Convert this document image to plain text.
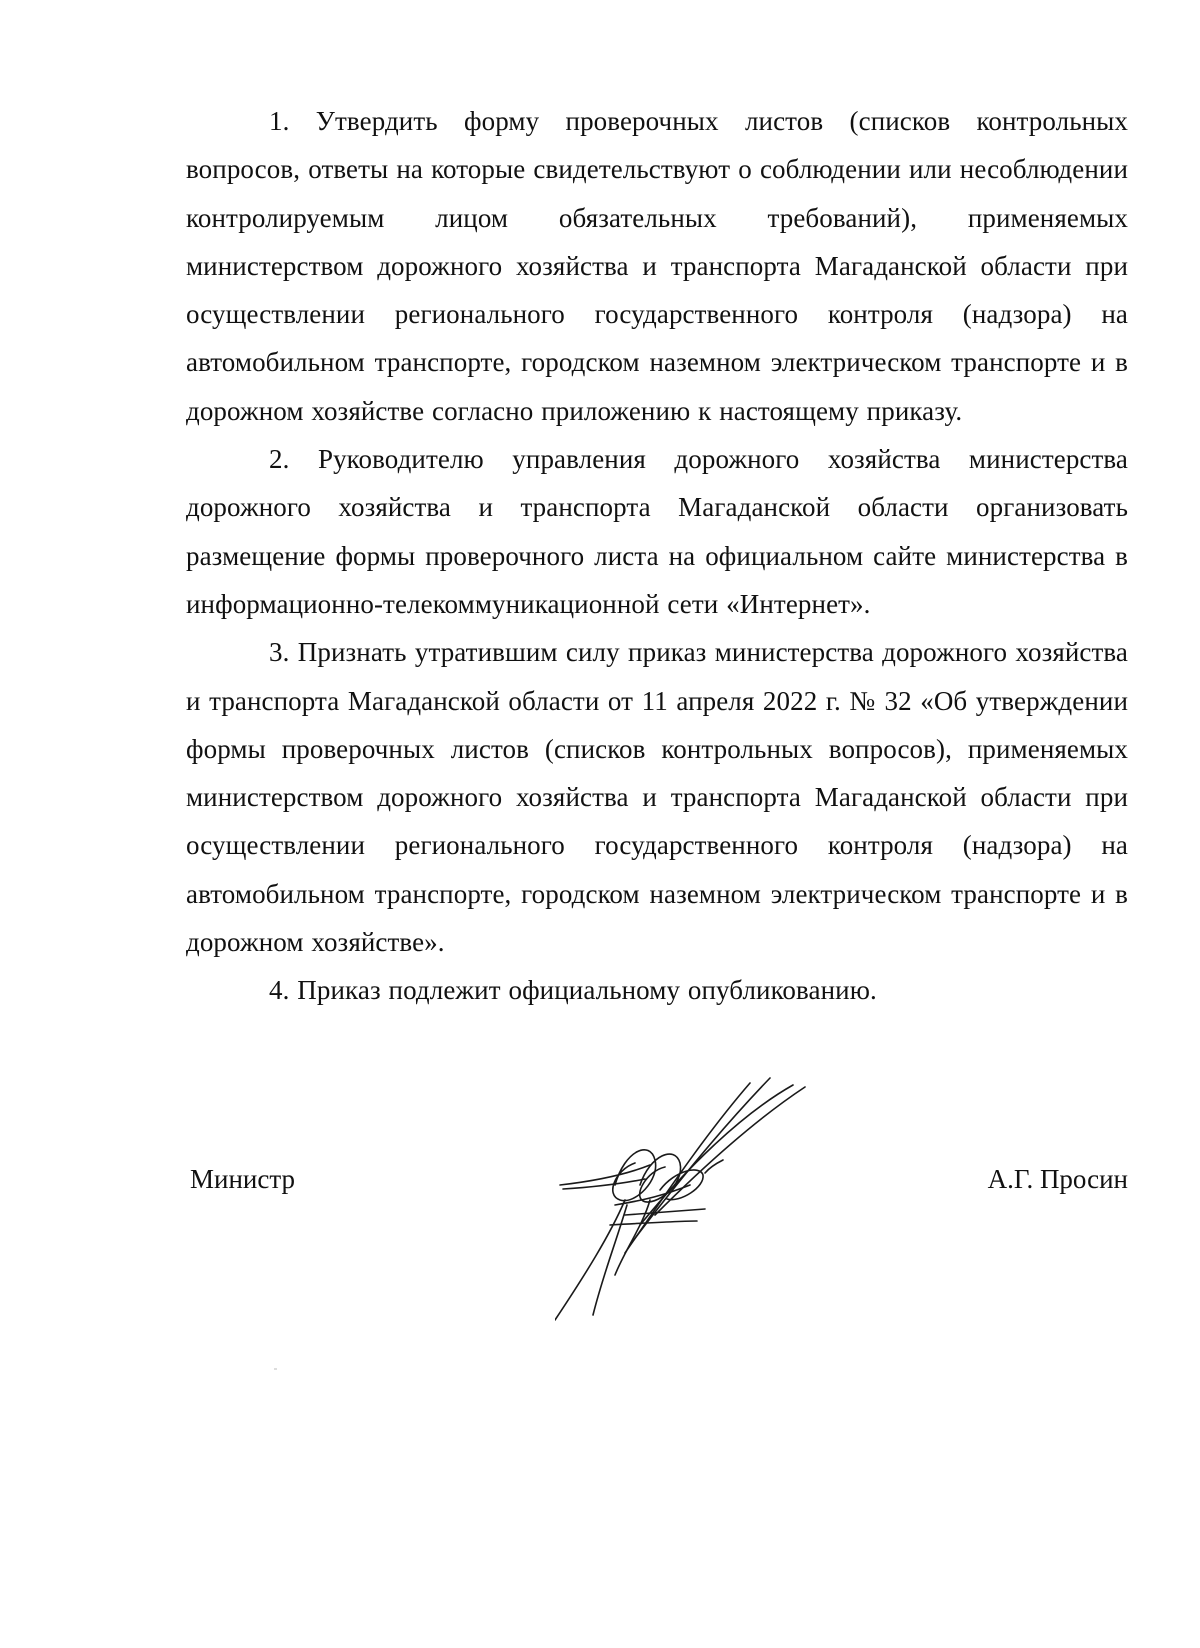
1. Утвердить форму проверочных листов (списков контрольных вопросов, ответы на которые свидетельствуют о соблюдении или несоблюдении контролируемым лицом обязательных требований), применяемых министерством дорожного хозяйства и транспорта Магаданской области при осуществлении регионального государственного контроля (надзора) на автомобильном транспорте, городском наземном электрическом транспорте и в дорожном хозяйстве согласно приложению к настоящему приказу.

2. Руководителю управления дорожного хозяйства министерства дорожного хозяйства и транспорта Магаданской области организовать размещение формы проверочного листа на официальном сайте министерства в информационно-телекоммуникационной сети «Интернет».

3. Признать утратившим силу приказ министерства дорожного хозяйства и транспорта Магаданской области от 11 апреля 2022 г. № 32 «Об утверждении формы проверочных листов (списков контрольных вопросов), применяемых министерством дорожного хозяйства и транспорта Магаданской области при осуществлении регионального государственного контроля (надзора) на автомобильном транспорте, городском наземном электрическом транспорте и в дорожном хозяйстве».

4. Приказ подлежит официальному опубликованию.

Министр	А.Г. Просин
